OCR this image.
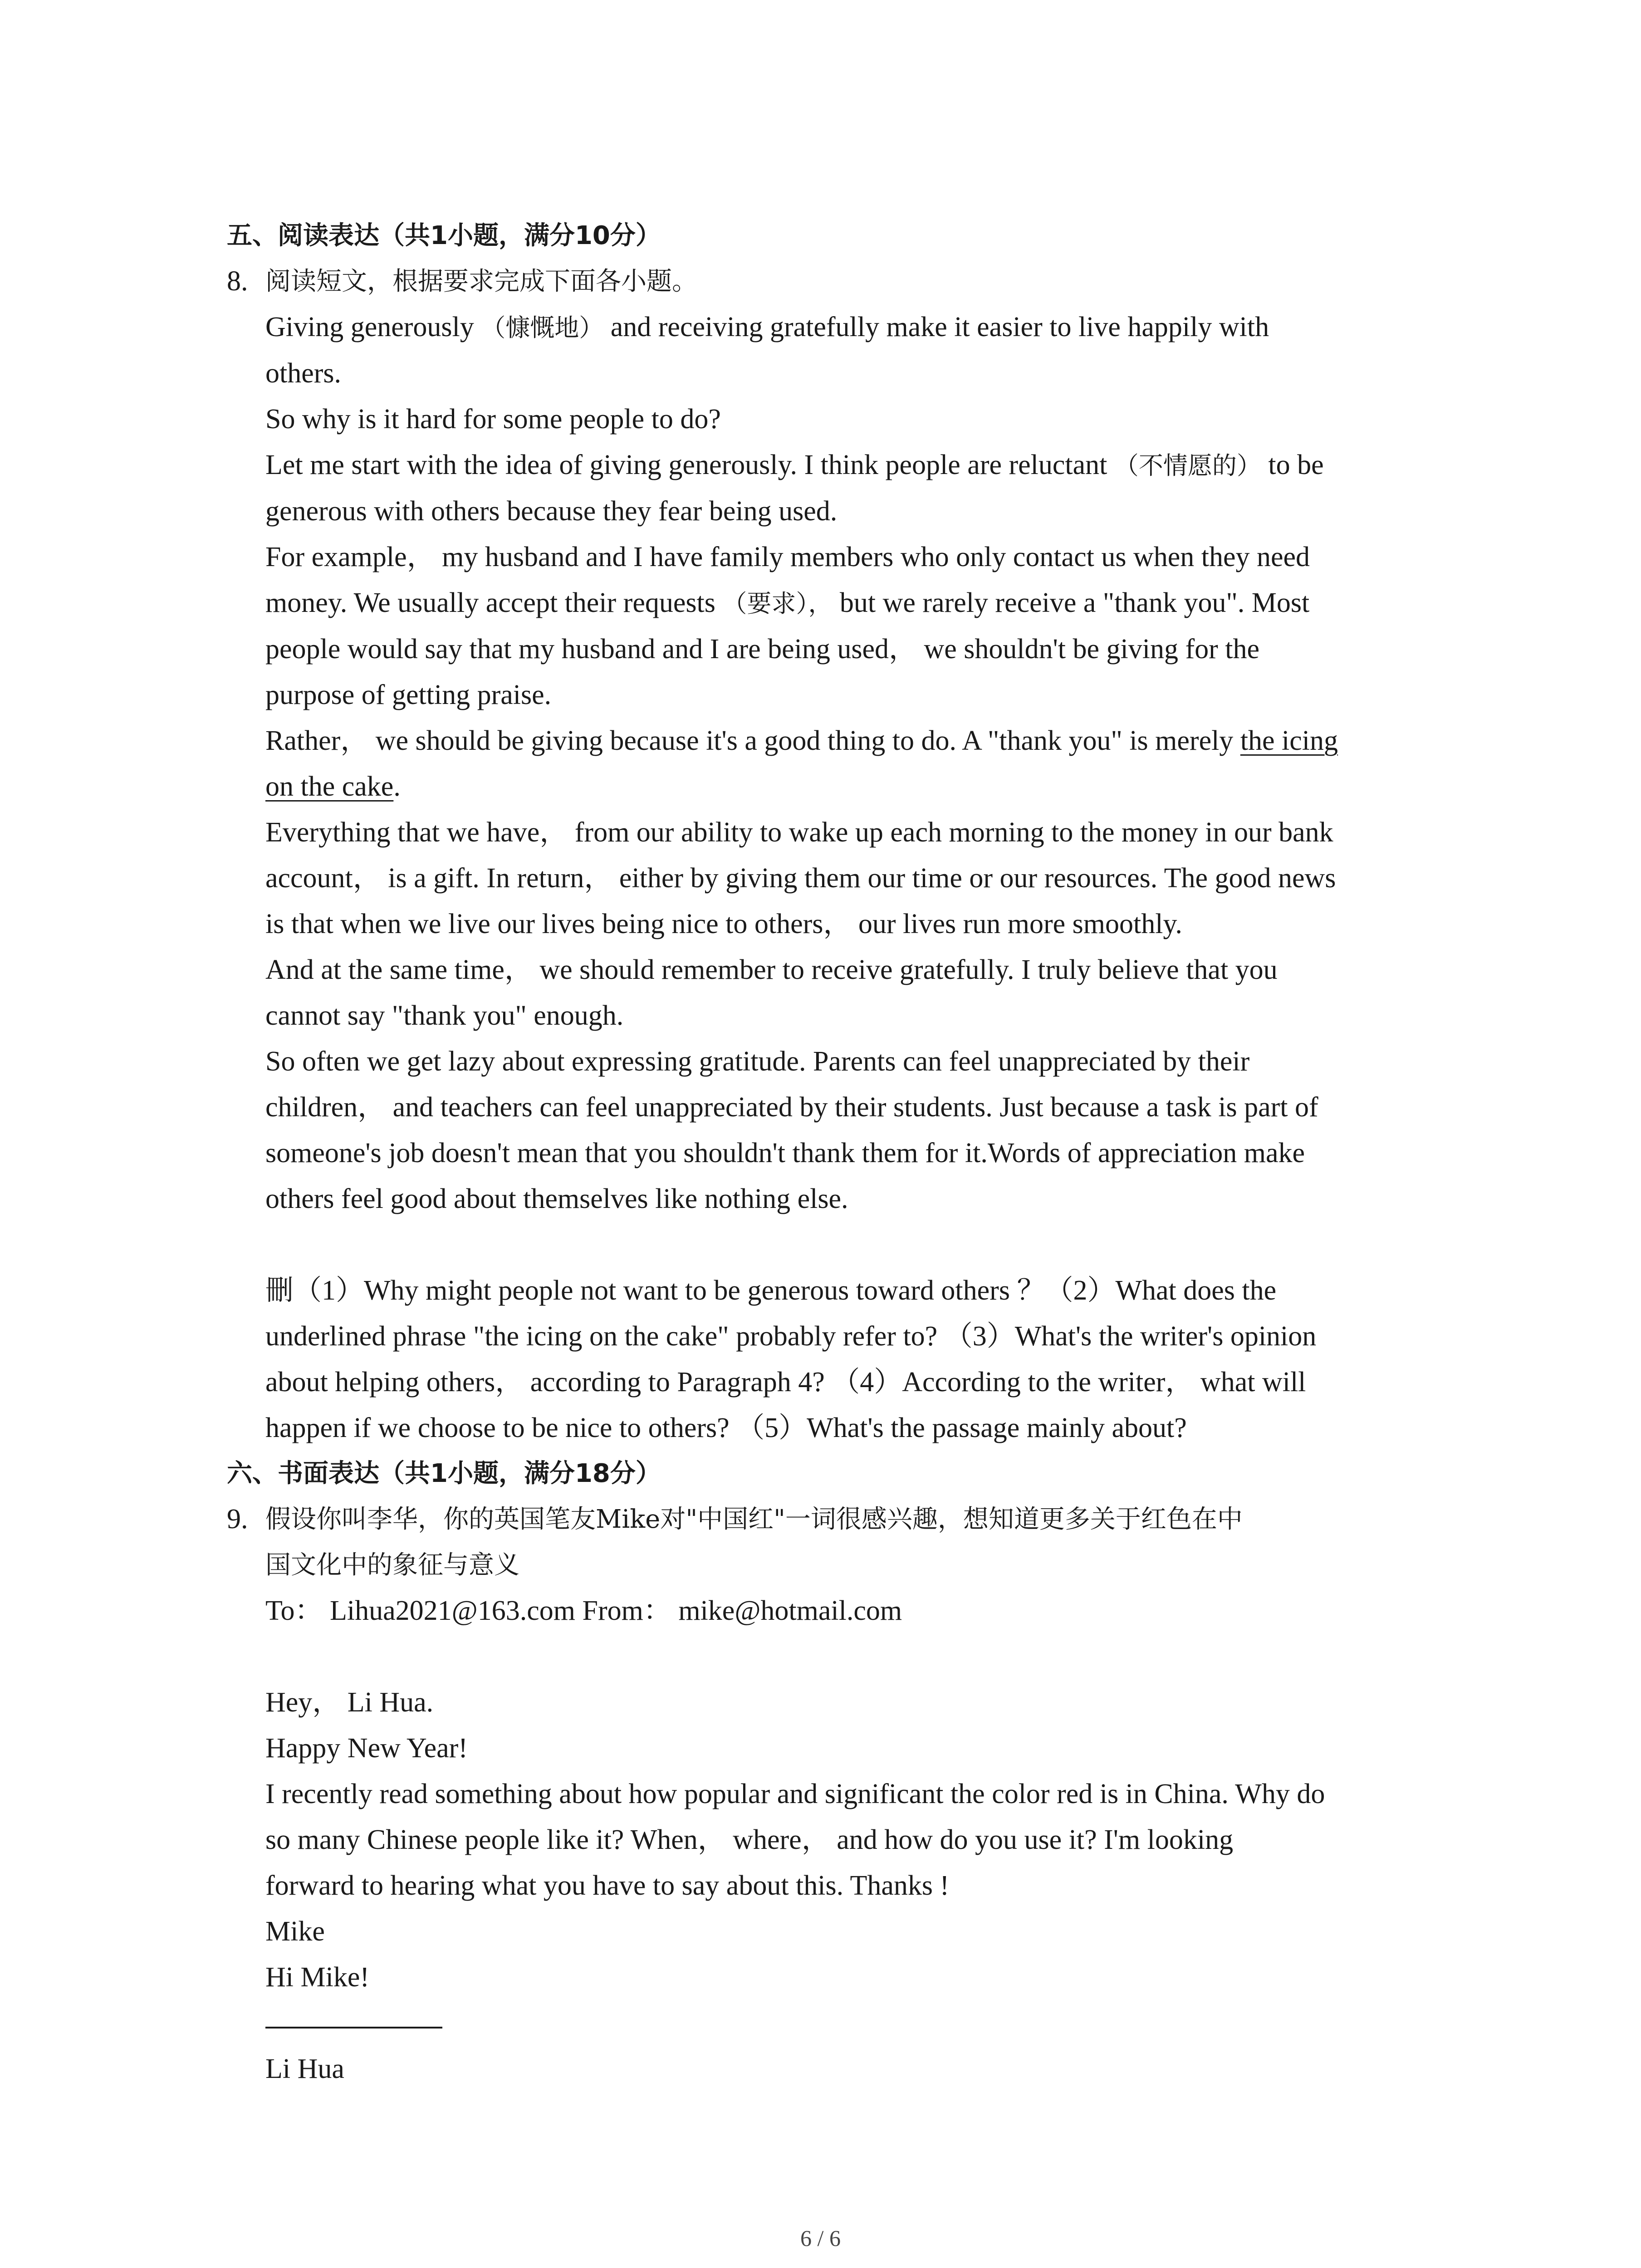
五、阅读表达（共1小题，满分10分）
8. 阅读短文，根据要求完成下面各小题。
Giving generously （慷慨地） and receiving gratefully make it easier to live happily with
others.
So why is it hard for some people to do?
Let me start with the idea of giving generously. I think people are reluctant （不情愿的） to be
generous with others because they fear being used.
For example， my husband and I have family members who only contact us when they need
money. We usually accept their requests （要求）， but we rarely receive a "thank you". Most
people would say that my husband and I are being used， we shouldn't be giving for the
purpose of getting praise.
Rather， we should be giving because it's a good thing to do. A "thank you" is merely the icing
on the cake.
Everything that we have， from our ability to wake up each morning to the money in our bank
account， is a gift. In return， either by giving them our time or our resources. The good news
is that when we live our lives being nice to others， our lives run more smoothly.
And at the same time， we should remember to receive gratefully. I truly believe that you
cannot say "thank you" enough.
So often we get lazy about expressing gratitude. Parents can feel unappreciated by their
children， and teachers can feel unappreciated by their students. Just because a task is part of
someone's job doesn't mean that you shouldn't thank them for it.Words of appreciation make
others feel good about themselves like nothing else.
刪（1）Why might people not want to be generous toward others ？（2）What does the
underlined phrase "the icing on the cake" probably refer to? （3）What's the writer's opinion
about helping others， according to Paragraph 4? （4）According to the writer， what will
happen if we choose to be nice to others? （5）What's the passage mainly about?
六、书面表达（共1小题，满分18分）
9. 假设你叫李华，你的英国笔友Mike对"中国红"一词很感兴趣，想知道更多关于红色在中
国文化中的象征与意义
To： Lihua2021@163.com From： mike@hotmail.com
Hey， Li Hua.
Happy New Year!
I recently read something about how popular and significant the color red is in China. Why do
so many Chinese people like it? When， where， and how do you use it? I'm looking
forward to hearing what you have to say about this. Thanks !
Mike
Hi Mike!
Li Hua
6 / 6
